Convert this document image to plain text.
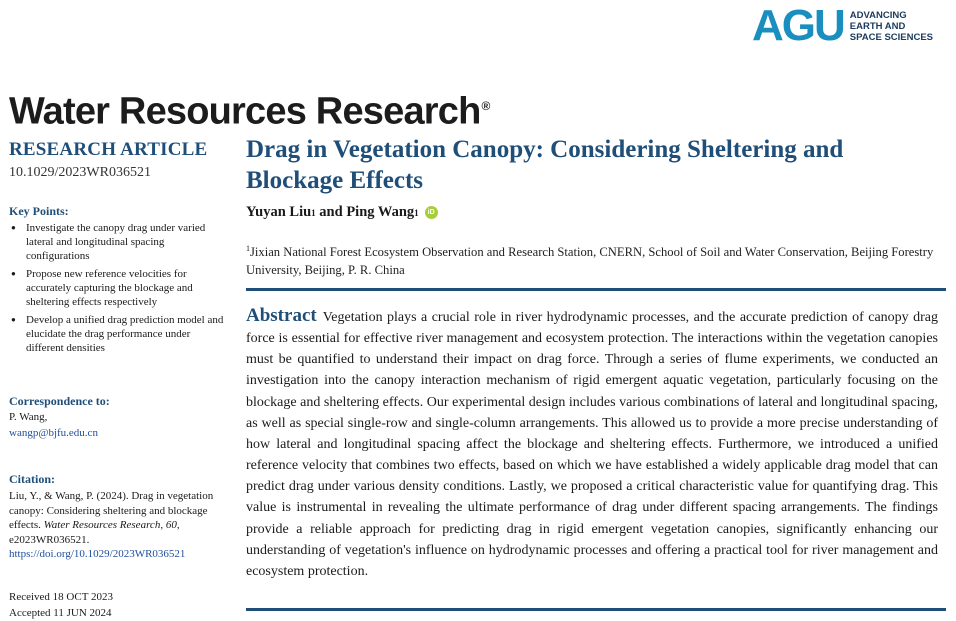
AGU ADVANCING
EARTH AND
SPACE SCIENCES
Water Resources Research®
RESEARCH ARTICLE
10.1029/2023WR036521
Key Points:
● Investigate the canopy drag under varied lateral and longitudinal spacing configurations
● Propose new reference velocities for accurately capturing the blockage and sheltering effects respectively
● Develop a unified drag prediction model and elucidate the drag performance under different densities
Correspondence to:
P. Wang,
wangp@bjfu.edu.cn
Citation:
Liu, Y., & Wang, P. (2024). Drag in vegetation canopy: Considering sheltering and blockage effects. Water Resources Research, 60, e2023WR036521. https://doi.org/10.1029/2023WR036521
Received 18 OCT 2023
Accepted 11 JUN 2024
Drag in Vegetation Canopy: Considering Sheltering and Blockage Effects
Yuyan Liu 1 and Ping Wang 1	iD
$^1$Jixian National Forest Ecosystem Observation and Research Station, CNERN, School of Soil and Water Conservation, Beijing Forestry University, Beijing, P. R. China
Abstract Vegetation plays a crucial role in river hydrodynamic processes, and the accurate prediction of canopy drag force is essential for effective river management and ecosystem protection. The interactions within the vegetation canopies must be quantified to understand their impact on drag force. Through a series of flume experiments, we conducted an investigation into the canopy interaction mechanism of rigid emergent aquatic vegetation, particularly focusing on the blockage and sheltering effects. Our experimental design includes various combinations of lateral and longitudinal spacing, as well as special single-row and single-column arrangements. This allowed us to provide a more precise understanding of how lateral and longitudinal spacing affect the blockage and sheltering effects. Furthermore, we introduced a unified reference velocity that combines two effects, based on which we have established a widely applicable drag model that can predict drag under various density conditions. Lastly, we proposed a critical characteristic value for quantifying drag. This value is instrumental in revealing the ultimate performance of drag under different spacing arrangements. The findings provide a reliable approach for predicting drag in rigid emergent vegetation canopies, significantly enhancing our understanding of vegetation's influence on hydrodynamic processes and offering a practical tool for river management and ecosystem protection.
